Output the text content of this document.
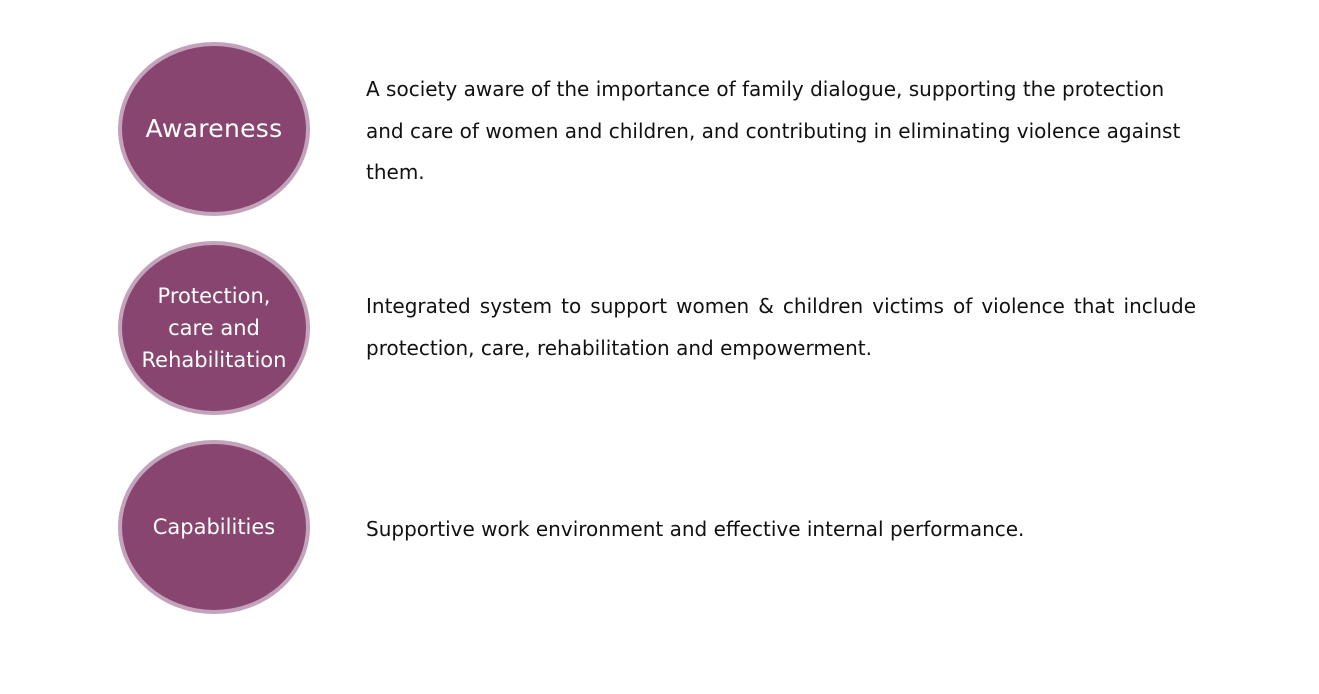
Awareness

A society aware of the importance of family dialogue, supporting the protection and care of women and children, and contributing in eliminating violence against them.

Protection,
care and
Rehabilitation

Integrated system to support women & children victims of violence that include protection, care, rehabilitation and empowerment.

Capabilities	Supportive work environment and effective internal performance.
